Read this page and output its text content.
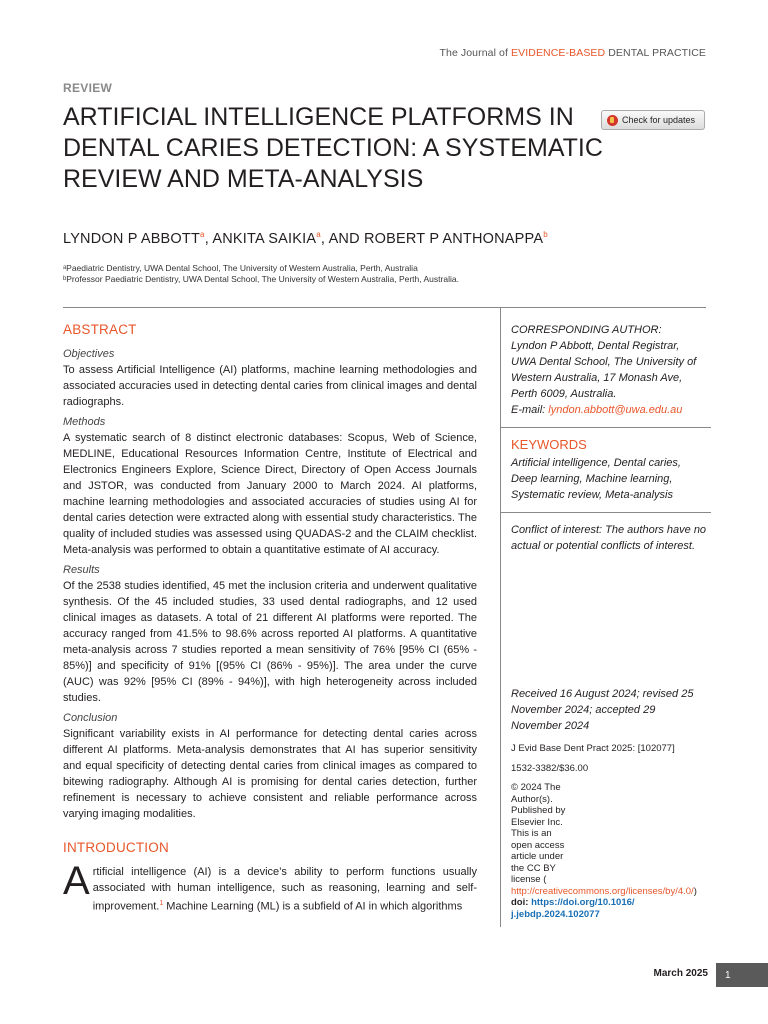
The Journal of EVIDENCE-BASED DENTAL PRACTICE
REVIEW
ARTIFICIAL INTELLIGENCE PLATFORMS IN DENTAL CARIES DETECTION: A SYSTEMATIC REVIEW AND META-ANALYSIS
Check for updates
LYNDON P ABBOTT$^a$, ANKITA SAIKIA$^a$, AND ROBERT P ANTHONAPPA$^b$
ᵃPaediatric Dentistry, UWA Dental School, The University of Western Australia, Perth, Australia
ᵇProfessor Paediatric Dentistry, UWA Dental School, The University of Western Australia, Perth, Australia.
ABSTRACT

Objectives

To assess Artificial Intelligence (AI) platforms, machine learning methodologies and associated accuracies used in detecting dental caries from clinical images and dental radiographs.

Methods

A systematic search of 8 distinct electronic databases: Scopus, Web of Science, MEDLINE, Educational Resources Information Centre, Institute of Electrical and Electronics Engineers Explore, Science Direct, Directory of Open Access Journals and JSTOR, was conducted from January 2000 to March 2024. AI platforms, machine learning methodologies and associated accuracies of studies using AI for dental caries detection were extracted along with essential study characteristics. The quality of included studies was assessed using QUADAS-2 and the CLAIM checklist. Meta-analysis was performed to obtain a quantitative estimate of AI accuracy.

Results

Of the 2538 studies identified, 45 met the inclusion criteria and underwent qualitative synthesis. Of the 45 included studies, 33 used dental radiographs, and 12 used clinical images as datasets. A total of 21 different AI platforms were reported. The accuracy ranged from 41.5% to 98.6% across reported AI platforms. A quantitative meta-analysis across 7 studies reported a mean sensitivity of 76% [95% CI (65% - 85%)] and specificity of 91% [(95% CI (86% - 95%)]. The area under the curve (AUC) was 92% [95% CI (89% - 94%)], with high heterogeneity across included studies.

Conclusion

Significant variability exists in AI performance for detecting dental caries across different AI platforms. Meta-analysis demonstrates that AI has superior sensitivity and equal specificity of detecting dental caries from clinical images as compared to bitewing radiography. Although AI is promising for dental caries detection, further refinement is necessary to achieve consistent and reliable performance across varying imaging modalities.

INTRODUCTION

Artificial intelligence (AI) is a device’s ability to perform functions usually associated with human intelligence, such as reasoning, learning and self-improvement.$^1$ Machine Learning (ML) is a subfield of AI in which algorithms

CORRESPONDING AUTHOR:
Lyndon P Abbott, Dental Registrar, UWA Dental School, The University of Western Australia, 17 Monash Ave, Perth 6009, Australia.
E-mail: lyndon.abbott@uwa.edu.au
KEYWORDS
Artificial intelligence, Dental caries, Deep learning, Machine learning, Systematic review, Meta-analysis
Conflict of interest: The authors have no actual or potential conflicts of interest.
Received 16 August 2024; revised 25 November 2024; accepted 29 November 2024

J Evid Base Dent Pract 2025: [102077]

1532-3382/$36.00

© 2024 The Author(s). Published by Elsevier Inc. This is an open access article under the CC BY license (

http://creativecommons.org/licenses/by/4.0/)

doi: https://doi.org/10.1016/ j.jebdp.2024.102077

March 2025	1
